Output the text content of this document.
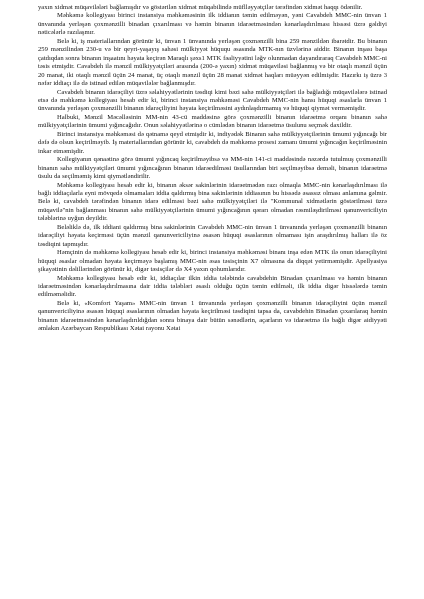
yaxın xidmət müqavilələri bağlamışdır və göstərilən xidmət müqabilində müflləyyətçilər tərəfindən xidmət haqqı ödənilir.

Məhkəmə kollegiyası birinci instansiya məhkəməsinin ilk iddianın təmin edilməyən, yəni Cavabdeh MMC-nin ünvan 1 ünvanında yerləşən çoxmənzilli binadan çıxarılması və həmin binanın idarəetməsindən kənarlaşdırılması hissəsi üzrə gəldiyi nəticələrlə razılaşmır.

Belə ki, iş materiallarından görünür ki, ünvan 1 ünvanında yerləşən çoxmənzilli bina 259 mənzildən ibarətdir. Bu binanın 259 mənzilindən 230-u və bir qeyri-yaşayış sahəsi mülkiyyət hüququ əsasında MTK-nın üzvlərinə aiddir. Binanın inşası başa çatdıqdan sonra binanın inşaatını həyata keçirən Maraqlı şəxs1 MTK fəaliyyətini ləğv olunmadan dayandıraraq Cavabdeh MMC-ni təsis etmişdir. Cavabdeh ilə mənzil mülkiyyətçiləri arasında (200-ə yaxın) xidmət müqaviləsi bağlanmış və bir otaqlı mənzil üçün 20 manat, iki otaqlı mənzil üçün 24 manat, üç otaqlı mənzil üçün 28 manat xidmət haqları müəyyən edilmişdir. Hazırkı iş üzrə 3 nəfər iddiaçı ilə də istinad edilən müqavilələr bağlanmışdır.

Cavabdeh binanın idarəçiliyi üzrə səlahiyyətlərinin təsdiqi kimi bəzi sahə mülkiyyətçiləri ilə bağladığı müqavilələrə istinad etsə də məhkəmə kollegiyası hesab edir ki, birinci instansiya məhkəməsi Cavabdeh MMC-nin hansı hüquqi əsaslarla ünvan 1 ünvanında yerləşən çoxmənzilli binanın idarəçiliyini həyata keçirilməsini aydınlaşdırmamış və hüquqi qiymət verməmişdir.

Halbuki, Mənzil Məcəlləsinin MM-nin 43-cü maddəsinə görə çoxmənzilli binanın idarəetmə orqanı binanın sahə mülkiyyətçilərinin ümumi yığıncağıdır. Onun səlahiyyətlərinə o cümlədən binanın idarəetmə üsulunu seçmək daxildir.

Birinci instansiya məhkəməsi də qətnamə qeyd etmişdir ki, indiyədək Binanın sahə mülkiyyətçilərinin ümumi yığıncağı bir dəfə də olsun keçirilməyib. İş materiallarından görünür ki, cavabdeh də məhkəmə prosesi zamanı ümumi yığıncağın keçirilməsinin inkar etməmişdir.

Kollegiyanın qənaətinə görə ümumi yığıncaq keçirilməyibsə və MM-nin 141-ci maddəsində nəzərdə tutulmuş çoxmənzilli binanın sahə mülkiyyətçiləri ümumi yığıncağının binanın idarəedilməsi üsullarından biri seçilməyibsə deməli, binanın idarəetmə üsulu da seçilməmiş kimi qiymətləndirilir.

Məhkəmə kollegiyası hesab edir ki, binanın əksər sakinlərinin idarəetmədən razı olmaqla MMC-nin kənarlaşdırılması ilə bağlı iddiaçılarla eyni mövqedə olmamaları iddia qaldırmış bina sakinlərinin iddiasının bu hissədə əsassız olması anlamına gəlmir. Belə ki, cavabdeh tərəfindən binanın idarə edilməsi bəzi sahə mülkiyyətçiləri ilə "Kommunal xidmətlərin göstərilməsi üzrə müqavilə"nin bağlanması binanın sahə mülkiyyətçilərinin ümumi yığıncağının qərarı olmadan rəsmiləşdirilməsi qanunvericiliyin tələblərinə uyğun deyildir.

Beləliklə də, ilk iddiani qaldırmış bina sakinlərinin Cavabdeh MMC-nin ünvan 1 ünvanında yerləşən çoxmənzilli binanın idarəçiliyi həyata keçirməsi üçün mənzil qanunvericiliyinə əsasən hüquqi əsaslarının olmaması işin araşdırılmış halları ilə öz təsdiqini tapmışdır.

Həmçinin də məhkəmə kollegiyası hesab edir ki, birinci instansiya məhkəməsi binanı inşa edən MTK ilə onun idarəçiliyini hüquqi əsaslar olmadan həyata keçirməyə başlamış MMC-nin əsas təsisçinin X7 olmasına da diqqət yetirməmişdir. Apellyasiya şikayətinin dəlillərindən görünür ki, digər təsisçilər də X4 yaxın qohumlarıdır.

Məhkəmə kollegiyası hesab edir ki, iddiaçılar ilkin iddia tələbində cavabdehin Binadan çıxarılması və həmin binanın idarəetməsindən kənarlaşdırılmasına dair iddia tələbləri əsaslı olduğu üçün təmin edilməli, ilk iddia digər hissələrdə təmin edilməməlidir.

Belə ki, «Komfort Yaşam» MMC-nin ünvan 1 ünvanında yerləşən çoxmənzilli binanın idarəçiliyini üçün mənzil qanunvericiliyinə əsasən hüquqi əsaslarının olmadan həyata keçirilməsi təsdiqini tapsa da, cavabdehin Binadan çıxarılaraq həmin binanın idarəetməsindən kənarlaşdırıldığdan sonra binaya dair bütün sənədlərin, açarların və idarəetmə ilə bağlı digər aidiyyəti əmlakın Azərbaycan Respublikası Xətai rayonu Xətai
